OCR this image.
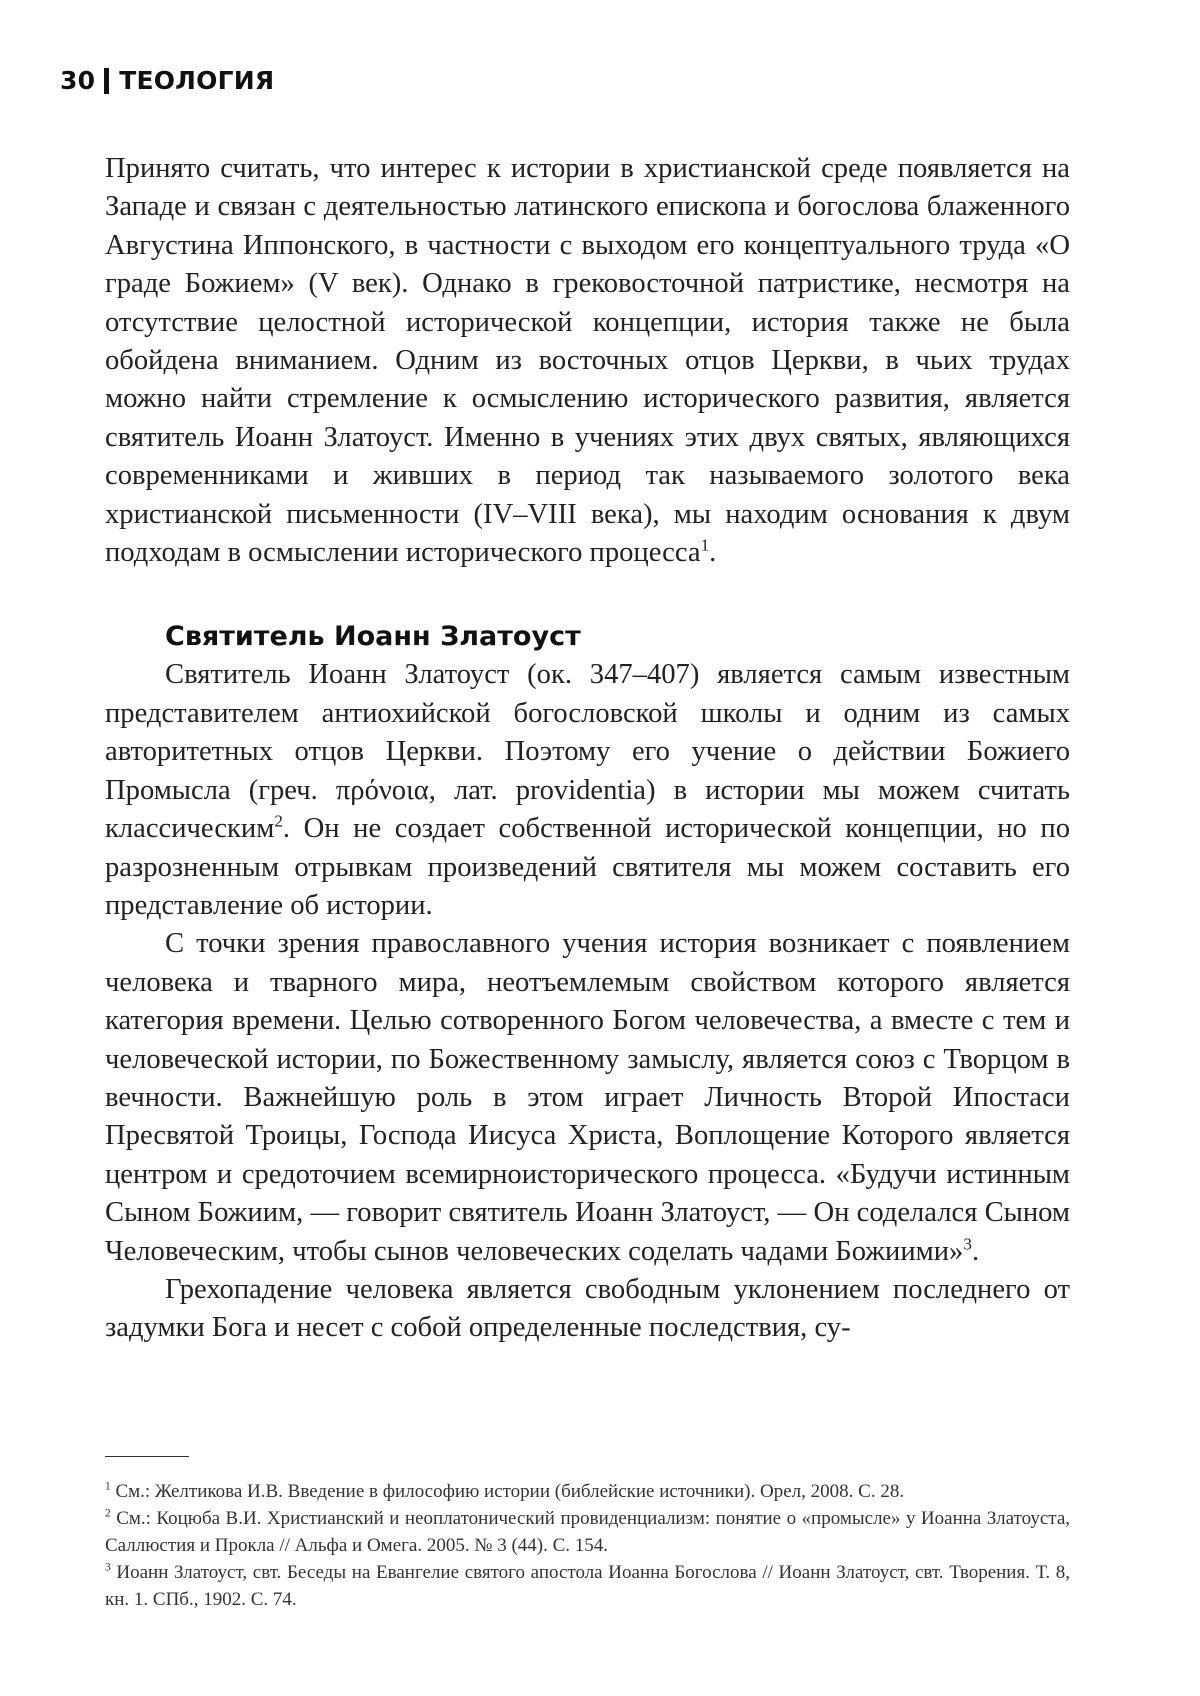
30 ТЕОЛОГИЯ

Принято считать, что интерес к истории в христианской среде появляется на Западе и связан с деятельностью латинского епископа и богослова блаженного Августина Иппонского, в частности с выходом его концептуального труда «О граде Божием» (V век). Однако в грековосточной патристике, несмотря на отсутствие целостной исторической концепции, история также не была обойдена вниманием. Одним из восточных отцов Церкви, в чьих трудах можно найти стремление к осмыслению исторического развития, является святитель Иоанн Златоуст. Именно в учениях этих двух святых, являющихся современниками и живших в период так называемого золотого века христианской письменности (IV–VIII века), мы находим основания к двум подходам в осмыслении исторического процесса$^1$.

Святитель Иоанн Златоуст

Святитель Иоанн Златоуст (ок. 347–407) является самым известным представителем антиохийской богословской школы и одним из самых авторитетных отцов Церкви. Поэтому его учение о действии Божиего Промысла (греч. πρόνοια, лат. providentia) в истории мы можем считать классическим$^2$. Он не создает собственной исторической концепции, но по разрозненным отрывкам произведений святителя мы можем составить его представление об истории.

С точки зрения православного учения история возникает с появлением человека и тварного мира, неотъемлемым свойством которого является категория времени. Целью сотворенного Богом человечества, а вместе с тем и человеческой истории, по Божественному замыслу, является союз с Творцом в вечности. Важнейшую роль в этом играет Личность Второй Ипостаси Пресвятой Троицы, Господа Иисуса Христа, Воплощение Которого является центром и средоточием всемирноисторического процесса. «Будучи истинным Сыном Божиим, — говорит святитель Иоанн Златоуст, — Он соделался Сыном Человеческим, чтобы сынов человеческих соделать чадами Божиими»$^3$.

Грехопадение человека является свободным уклонением последнего от задумки Бога и несет с собой определенные последствия, су-

$^1$ См.: Желтикова И.В. Введение в философию истории (библейские источники). Орел, 2008. С. 28.

$^2$ См.: Коцюба В.И. Христианский и неоплатонический провиденциализм: понятие о «промысле» у Иоанна Златоуста, Саллюстия и Прокла // Альфа и Омега. 2005. № 3 (44). С. 154.

$^3$ Иоанн Златоуст, свт. Беседы на Евангелие святого апостола Иоанна Богослова // Иоанн Златоуст, свт. Творения. Т. 8, кн. 1. СПб., 1902. С. 74.
